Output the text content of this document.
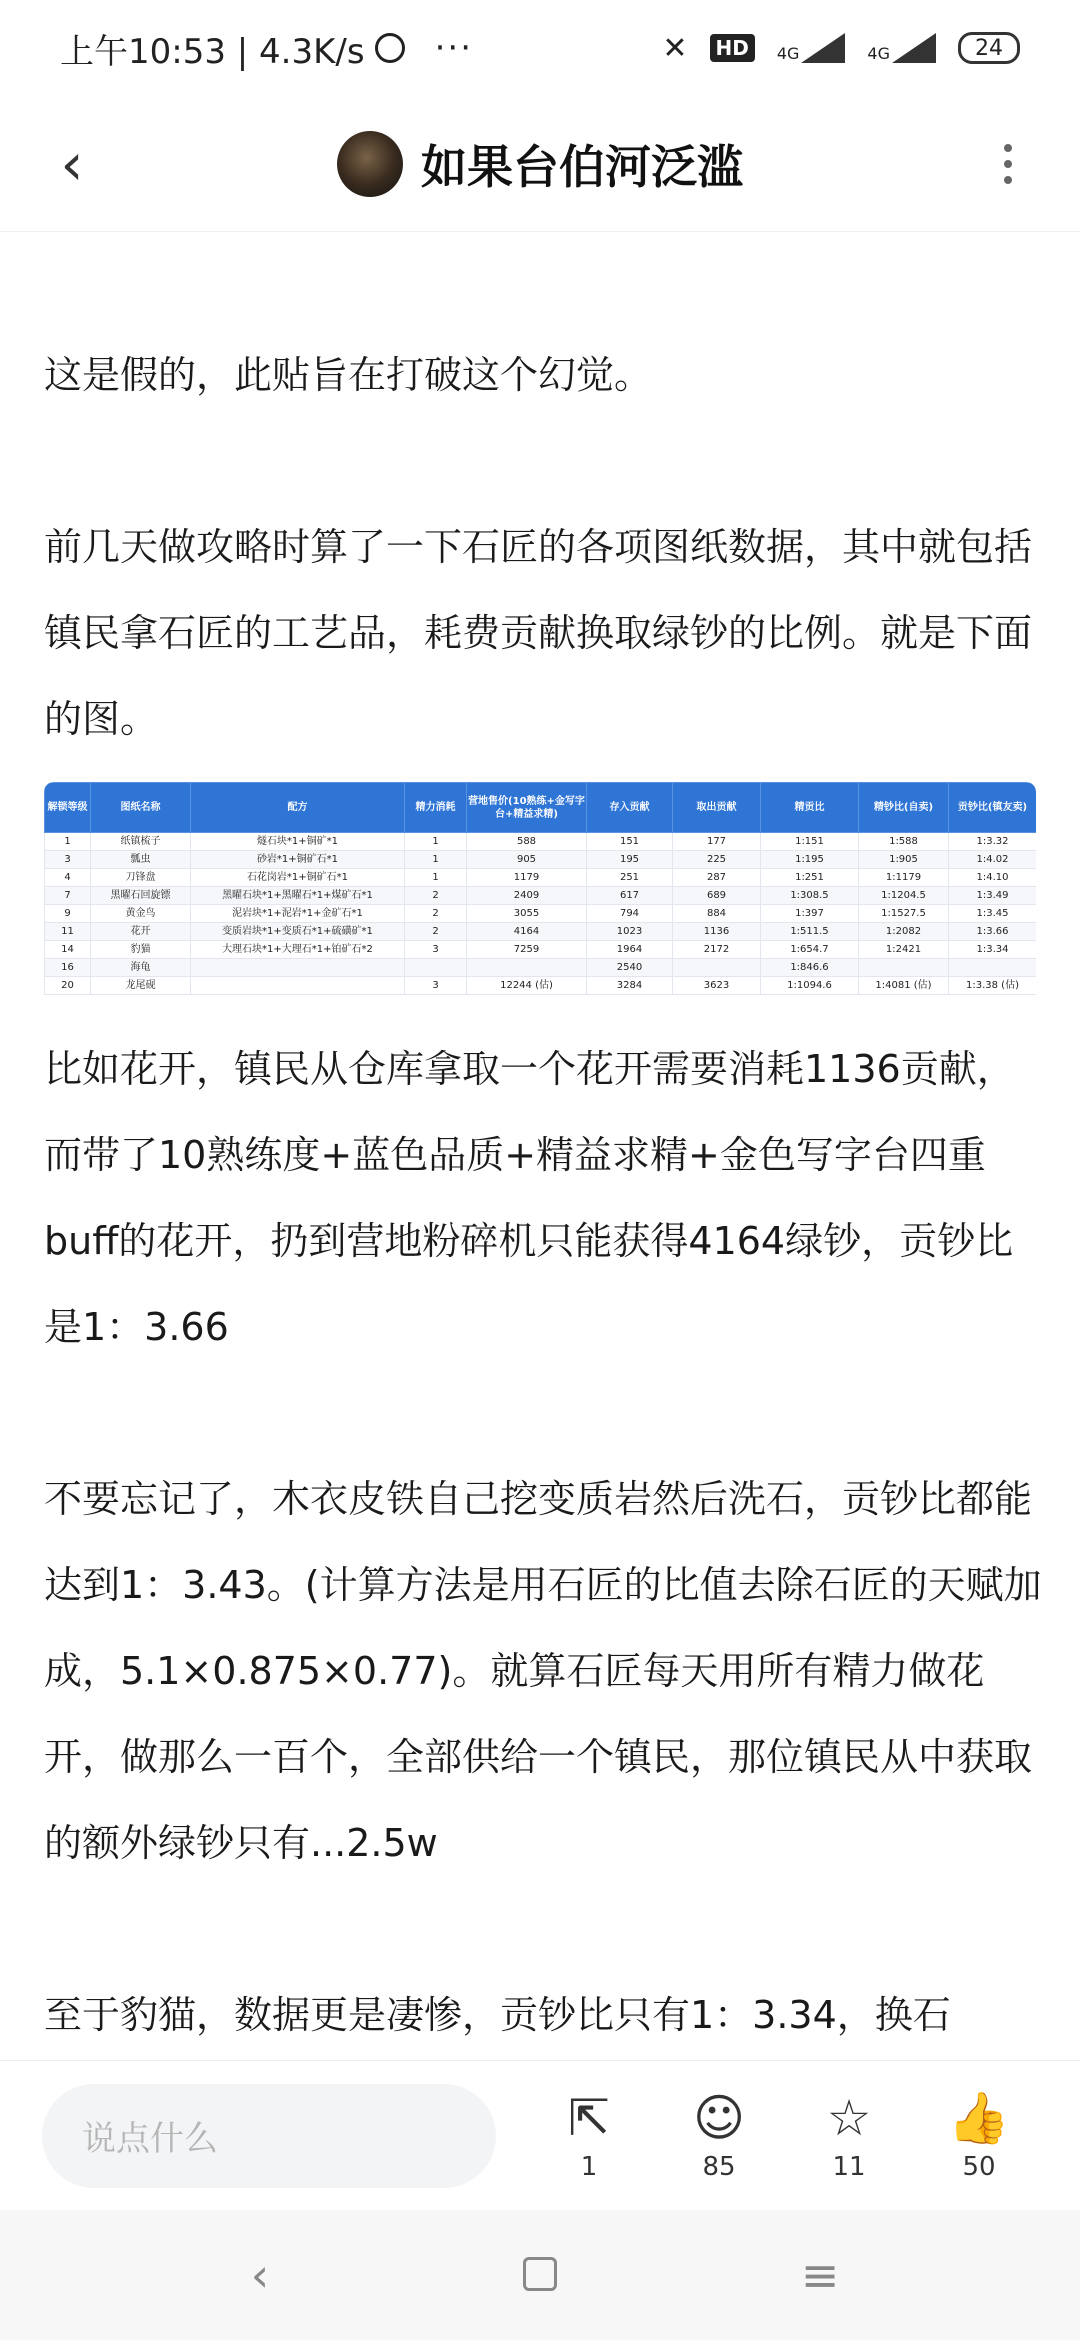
上午10:53 | 4.3K/s ···	✕	HD	4G	4G	24
‹	如果台伯河泛滥
这是假的，此贴旨在打破这个幻觉。
前几天做攻略时算了一下石匠的各项图纸数据，其中就包括镇民拿石匠的工艺品，耗费贡献换取绿钞的比例。就是下面的图。
解锁等级	图纸名称	配方	精力消耗	营地售价(10熟练+金写字台+精益求精)	存入贡献	取出贡献	精贡比	精钞比(自卖)	贡钞比(镇友卖)
1	纸镇梳子	燧石块*1+铜矿*1	1	588	151	177	1:151	1:588	1:3.32
3	瓢虫	砂岩*1+铜矿石*1	1	905	195	225	1:195	1:905	1:4.02
4	刀锋盘	石花岗岩*1+铜矿石*1	1	1179	251	287	1:251	1:1179	1:4.10
7	黑曜石回旋镖	黑曜石块*1+黑曜石*1+煤矿石*1	2	2409	617	689	1:308.5	1:1204.5	1:3.49
9	黄金鸟	泥岩块*1+泥岩*1+金矿石*1	2	3055	794	884	1:397	1:1527.5	1:3.45
11	花开	变质岩块*1+变质石*1+硫磺矿*1	2	4164	1023	1136	1:511.5	1:2082	1:3.66
14	豹猫	大理石块*1+大理石*1+铂矿石*2	3	7259	1964	2172	1:654.7	1:2421	1:3.34
16	海龟				2540		1:846.6		
20	龙尾砚		3	12244 (估)	3284	3623	1:1094.6	1:4081 (估)	1:3.38 (估)
比如花开，镇民从仓库拿取一个花开需要消耗1136贡献，而带了10熟练度+蓝色品质+精益求精+金色写字台四重buff的花开，扔到营地粉碎机只能获得4164绿钞，贡钞比是1：3.66
不要忘记了，木衣皮铁自己挖变质岩然后洗石，贡钞比都能达到1：3.43。(计算方法是用石匠的比值去除石匠的天赋加成，5.1×0.875×0.77)。就算石匠每天用所有精力做花开，做那么一百个，全部供给一个镇民，那位镇民从中获取的额外绿钞只有...2.5w
至于豹猫，数据更是凄惨，贡钞比只有1：3.34，换石
说点什么	⇱
1
☺
85
☆
11
👍
50
‹	≡
